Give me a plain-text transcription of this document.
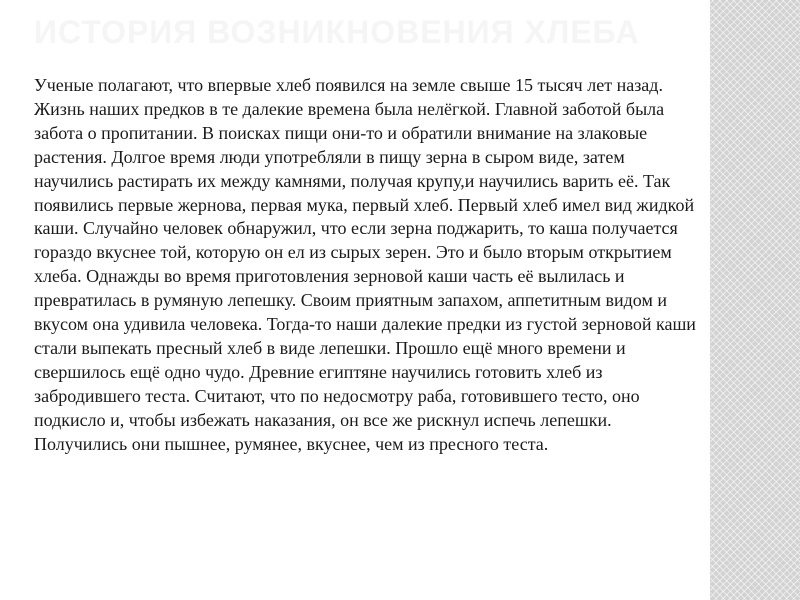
ИСТОРИЯ ВОЗНИКНОВЕНИЯ ХЛЕБА

Ученые полагают, что впервые хлеб появился на земле свыше 15 тысяч лет назад. Жизнь наших предков в те далекие времена была нелёгкой. Главной заботой была забота о пропитании. В поисках пищи они-то и обратили внимание на злаковые растения. Долгое время люди употребляли в пищу зерна в сыром виде, затем научились растирать их между камнями, получая крупу,и научились варить её. Так появились первые жернова, первая мука, первый хлеб. Первый хлеб имел вид жидкой каши. Случайно человек обнаружил, что если зерна поджарить, то каша получается гораздо вкуснее той, которую он ел из сырых зерен. Это и было вторым открытием хлеба. Однажды во время приготовления зерновой каши часть её вылилась и превратилась в румяную лепешку. Своим приятным запахом, аппетитным видом и вкусом она удивила человека. Тогда-то наши далекие предки из густой зерновой каши стали выпекать пресный хлеб в виде лепешки. Прошло ещё много времени и свершилось ещё одно чудо. Древние египтяне научились готовить хлеб из забродившего теста. Считают, что по недосмотру раба, готовившего тесто, оно подкисло и, чтобы избежать наказания, он все же рискнул испечь лепешки. Получились они пышнее, румянее, вкуснее, чем из пресного теста.
